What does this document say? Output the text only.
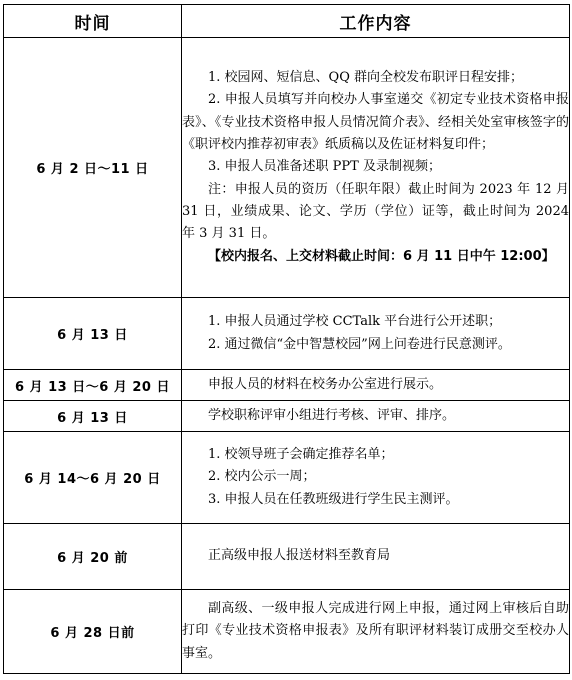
时间	工作内容
6 月 2 日～11 日	1. 校园网、短信息、QQ 群向全校发布职评日程安排；

2. 申报人员填写并向校办人事室递交《初定专业技术资格申报表》、《专业技术资格申报人员情况简介表》、经相关处室审核签字的《职评校内推荐初审表》纸质稿以及佐证材料复印件；

3. 申报人员准备述职 PPT 及录制视频；

注：申报人员的资历（任职年限）截止时间为 2023 年 12 月 31 日，业绩成果、论文、学历（学位）证等，截止时间为 2024 年 3 月 31 日。

【校内报名、上交材料截止时间：6 月 11 日中午 12:00】

6 月 13 日	1. 申报人员通过学校 CCTalk 平台进行公开述职；

2. 通过微信“金中智慧校园”网上问卷进行民意测评。

6 月 13 日～6 月 20 日	申报人员的材料在校务办公室进行展示。

6 月 13 日	学校职称评审小组进行考核、评审、排序。

6 月 14～6 月 20 日	1. 校领导班子会确定推荐名单；

2. 校内公示一周；

3. 申报人员在任教班级进行学生民主测评。

6 月 20 前	正高级申报人报送材料至教育局

6 月 28 日前	副高级、一级申报人完成进行网上申报，通过网上审核后自助打印《专业技术资格申报表》及所有职评材料装订成册交至校办人事室。
